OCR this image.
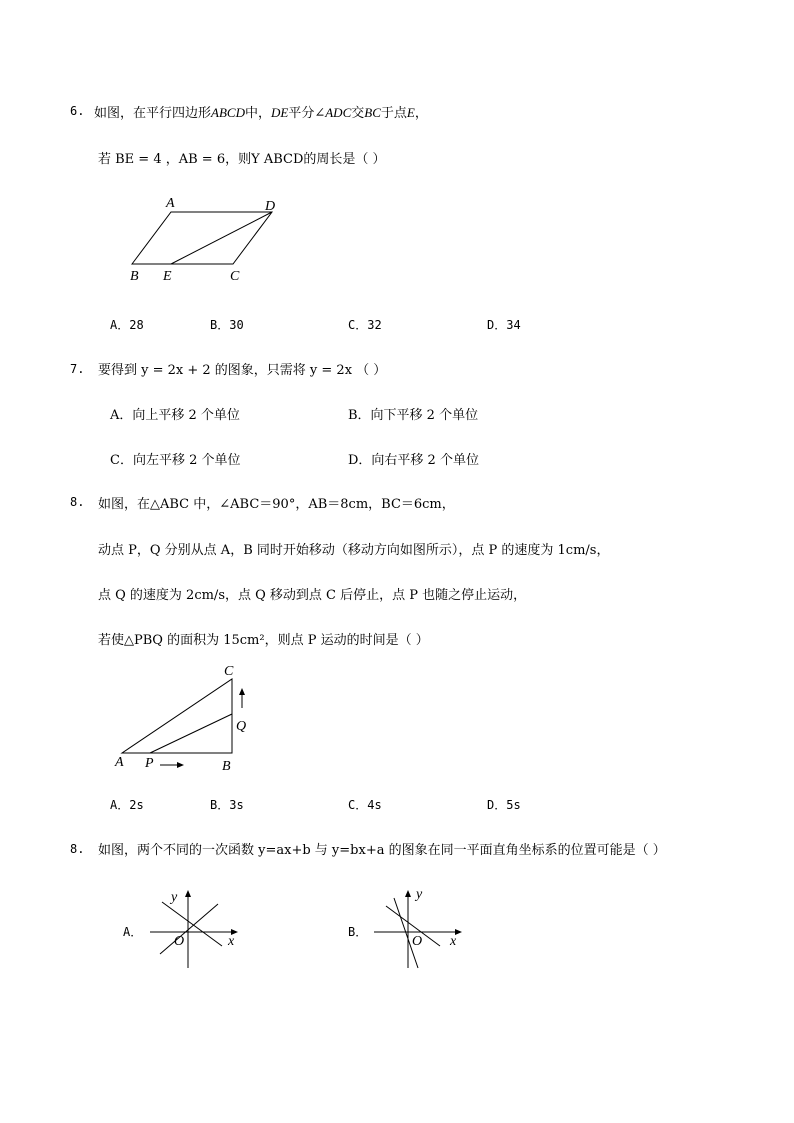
6. 如图，在平行四边形ABCD中，DE平分∠ADC交BC于点E，
若 BE = 4 ，AB = 6，则Y ABCD的周长是（ ）
A	D
B E	C
A．28	B．30	C．32	D．34
7. 要得到 y = 2x + 2 的图象，只需将 y = 2x （ ）
A．向上平移 2 个单位	B．向下平移 2 个单位
C．向左平移 2 个单位	D．向右平移 2 个单位
8. 如图，在△ABC 中，∠ABC＝90°，AB＝8cm，BC＝6cm，
动点 P，Q 分别从点 A，B 同时开始移动（移动方向如图所示），点 P 的速度为 1cm/s，
点 Q 的速度为 2cm/s，点 Q 移动到点 C 后停止，点 P 也随之停止运动，
若使△PBQ 的面积为 15cm²，则点 P 运动的时间是（ ）
C
Q
A P	B
A．2s	B．3s	C．4s	D．5s
8. 如图，两个不同的一次函数 y=ax+b 与 y=bx+a 的图象在同一平面直角坐标系的位置可能是（ ）
A．
y
x
O
B．
y
x
O
